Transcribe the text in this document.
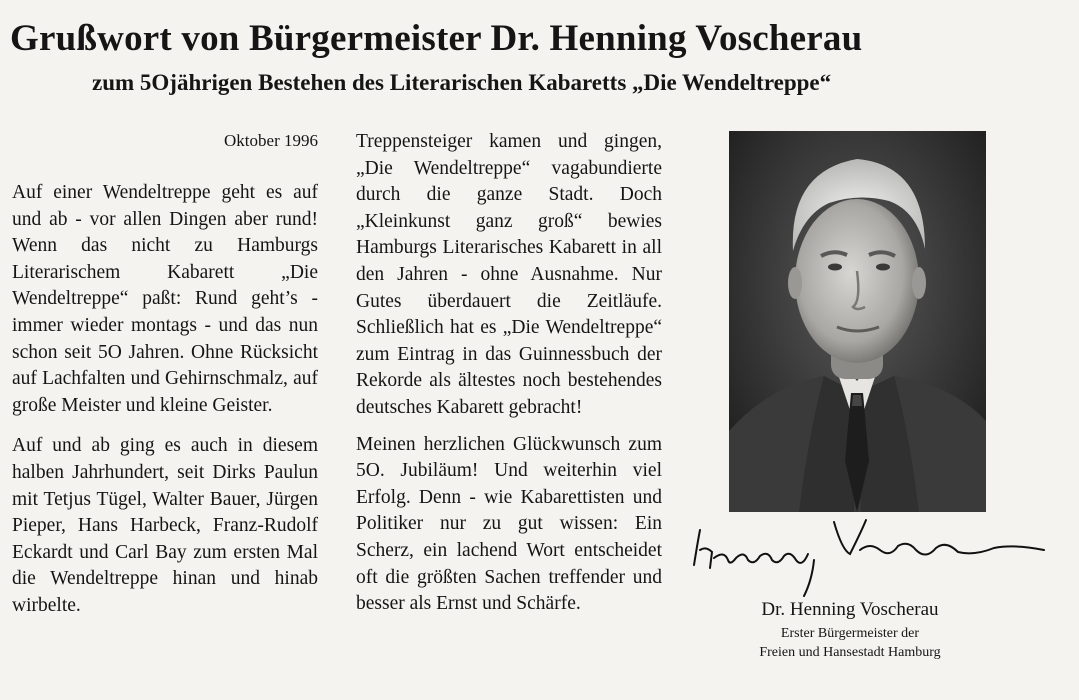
Grußwort von Bürgermeister Dr. Henning Voscherau
zum 5Ojährigen Bestehen des Literarischen Kabaretts „Die Wendeltreppe“
Oktober 1996

Auf einer Wendeltreppe geht es auf und ab - vor allen Dingen aber rund! Wenn das nicht zu Hamburgs Literarischem Kabarett „Die Wendeltreppe“ paßt: Rund geht’s - immer wieder montags - und das nun schon seit 5O Jahren. Ohne Rücksicht auf Lachfalten und Gehirnschmalz, auf große Meister und kleine Geister.

Auf und ab ging es auch in diesem halben Jahrhundert, seit Dirks Paulun mit Tetjus Tügel, Walter Bauer, Jürgen Pieper, Hans Harbeck, Franz-Rudolf Eckardt und Carl Bay zum ersten Mal die Wendeltreppe hinan und hinab wirbelte.

Treppensteiger kamen und gingen, „Die Wendeltreppe“ vagabundierte durch die ganze Stadt. Doch „Kleinkunst ganz groß“ bewies Hamburgs Literarisches Kabarett in all den Jahren - ohne Ausnahme. Nur Gutes überdauert die Zeitläufe. Schließlich hat es „Die Wendeltreppe“ zum Eintrag in das Guinnessbuch der Rekorde als ältestes noch bestehendes deutsches Kabarett gebracht!

Meinen herzlichen Glückwunsch zum 5O. Jubiläum! Und weiterhin viel Erfolg. Denn - wie Kabarettisten und Politiker nur zu gut wissen: Ein Scherz, ein lachend Wort entscheidet oft die größten Sachen treffender und besser als Ernst und Schärfe.	Dr. Henning Voscherau
Erster Bürgermeister der
Freien und Hansestadt Hamburg
